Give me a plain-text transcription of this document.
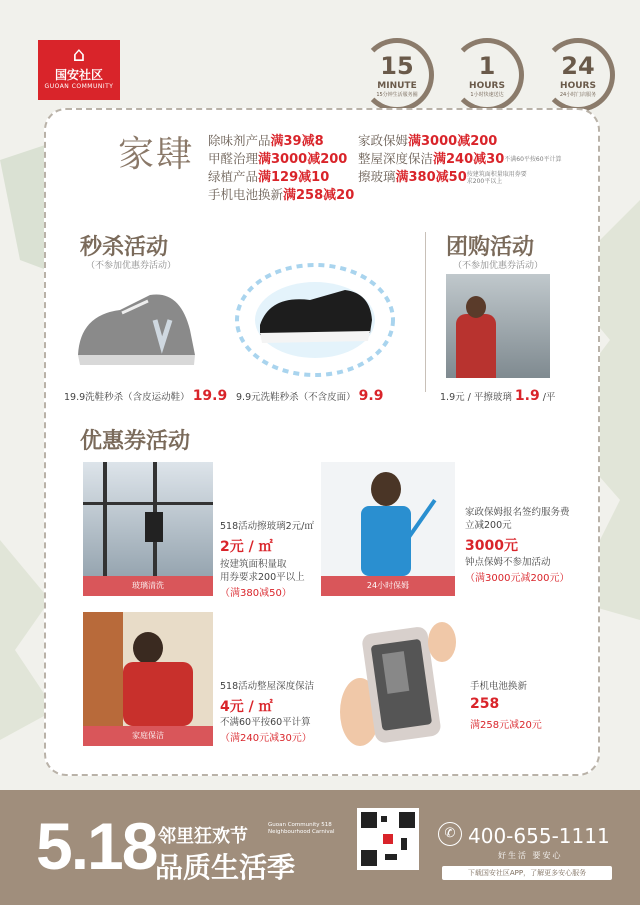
⌂
国安社区
GUOAN COMMUNITY
15
MINUTE
15分钟生活服务圈
1
HOURS
1小时快速送达
24
HOURS
24小时门店服务
家肆 除味剂产品满39减8
甲醛治理满3000减200
绿植产品满129减10
手机电池换新满258减20
家政保姆满3000减200
整屋深度保洁满240减30不满60平按60平计算
擦玻璃满380减50按建筑面积量取用券要求200平以上
秒杀活动
（不参加优惠券活动）
团购活动
（不参加优惠券活动）
19.9洗鞋秒杀（含皮运动鞋） 19.9 9.9元洗鞋秒杀（不含皮面） 9.9	1.9元 / 平擦玻璃 1.9 /平
优惠券活动
玻璃清洗
518活动擦玻璃2元/㎡
2元 / ㎡
按建筑面积量取
用券要求200平以上
（满380减50）
24小时保姆
家政保姆报名签约服务费
立减200元
3000元
钟点保姆不参加活动
（满3000元减200元）
家庭保洁
518活动整屋深度保洁
4元 / ㎡
不满60平按60平计算
（满240元减30元）
手机电池换新
258
满258元减20元
5.18 邻里狂欢节
Guoan Community 518 Neighbourhood Carnival
品质生活季
✆ 400-655-1111
好生活 要安心
下载国安社区APP，了解更多安心服务
